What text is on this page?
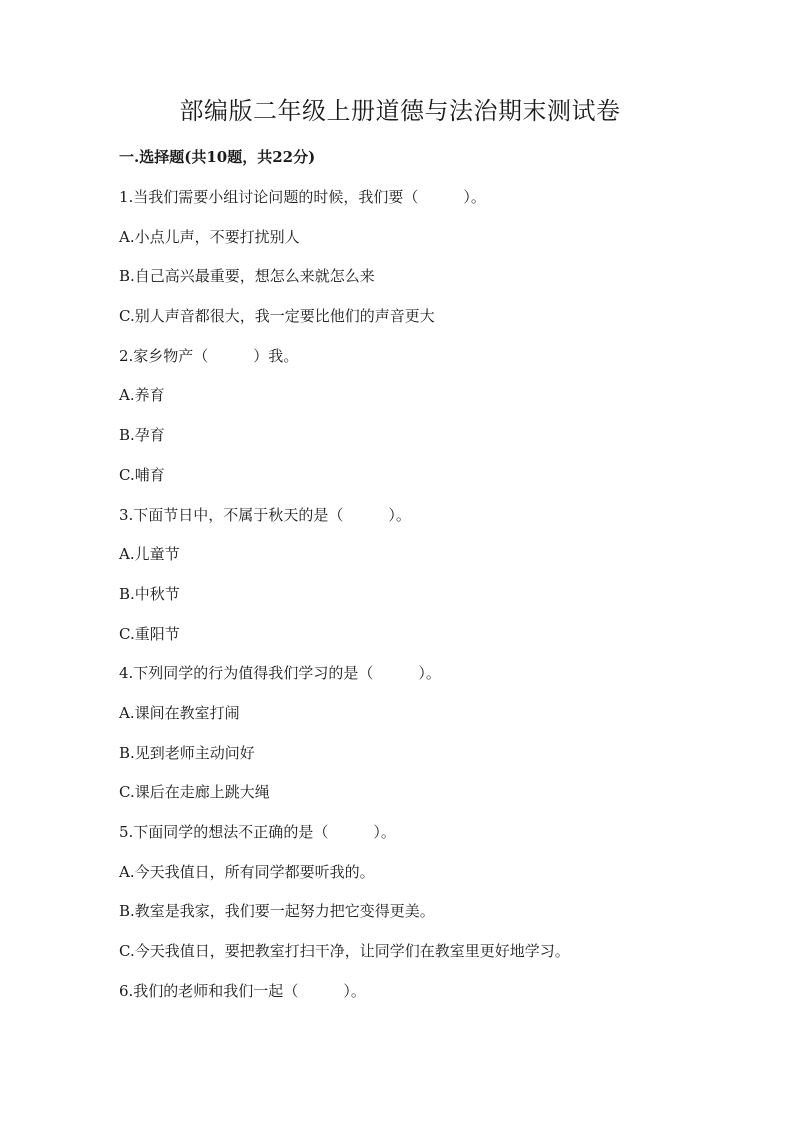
部编版二年级上册道德与法治期末测试卷
一.选择题(共10题，共22分)
1.当我们需要小组讨论问题的时候，我们要（　　　）。
A.小点儿声，不要打扰别人
B.自己高兴最重要，想怎么来就怎么来
C.别人声音都很大，我一定要比他们的声音更大
2.家乡物产（　　　）我。
A.养育
B.孕育
C.哺育
3.下面节日中，不属于秋天的是（　　　）。
A.儿童节
B.中秋节
C.重阳节
4.下列同学的行为值得我们学习的是（　　　）。
A.课间在教室打闹
B.见到老师主动问好
C.课后在走廊上跳大绳
5.下面同学的想法不正确的是（　　　）。
A.今天我值日，所有同学都要听我的。
B.教室是我家，我们要一起努力把它变得更美。
C.今天我值日，要把教室打扫干净，让同学们在教室里更好地学习。
6.我们的老师和我们一起（　　　）。
